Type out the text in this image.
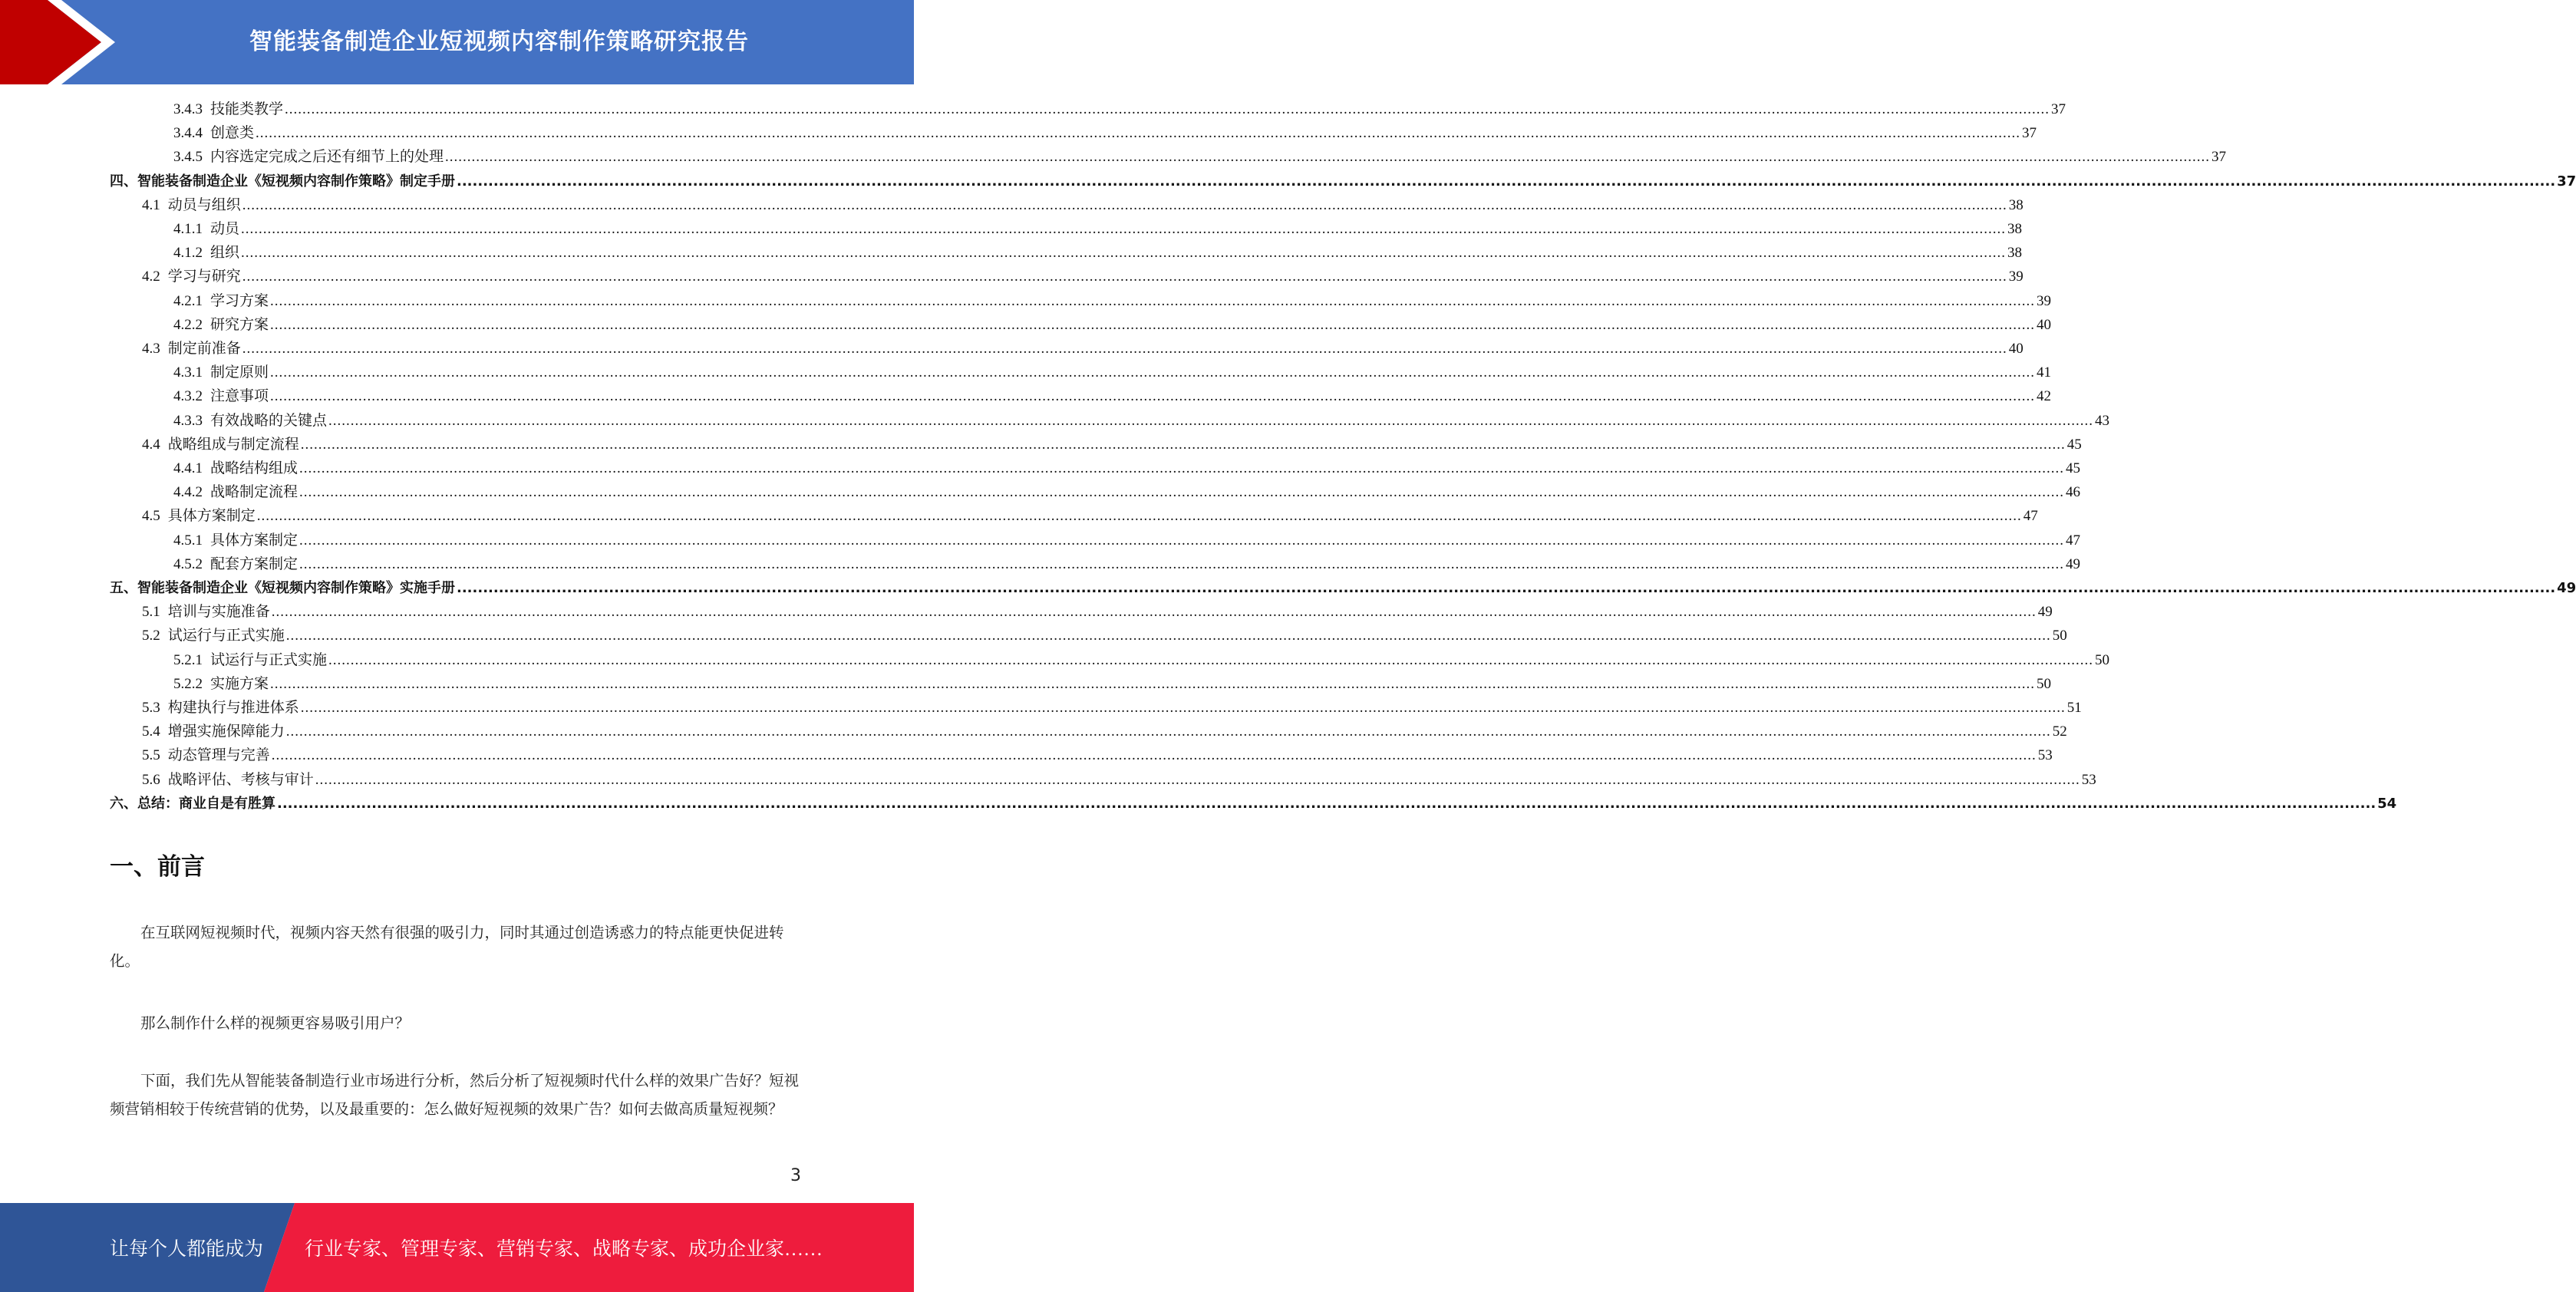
智能装备制造企业短视频内容制作策略研究报告
3.4.3 技能类教学 ................................................................................................................................................................................................................................................................................................................................................................................................................ 37
3.4.4 创意类 ................................................................................................................................................................................................................................................................................................................................................................................................................ 37
3.4.5 内容选定完成之后还有细节上的处理 ................................................................................................................................................................................................................................................................................................................................................................................................................ 37
四、 智能装备制造企业《短视频内容制作策略》制定手册 ................................................................................................................................................................................................................................................................................................................................................................................................................ 37
4.1 动员与组织 ................................................................................................................................................................................................................................................................................................................................................................................................................ 38
4.1.1 动员 ................................................................................................................................................................................................................................................................................................................................................................................................................ 38
4.1.2 组织 ................................................................................................................................................................................................................................................................................................................................................................................................................ 38
4.2 学习与研究 ................................................................................................................................................................................................................................................................................................................................................................................................................ 39
4.2.1 学习方案 ................................................................................................................................................................................................................................................................................................................................................................................................................ 39
4.2.2 研究方案 ................................................................................................................................................................................................................................................................................................................................................................................................................ 40
4.3 制定前准备 ................................................................................................................................................................................................................................................................................................................................................................................................................ 40
4.3.1 制定原则 ................................................................................................................................................................................................................................................................................................................................................................................................................ 41
4.3.2 注意事项 ................................................................................................................................................................................................................................................................................................................................................................................................................ 42
4.3.3 有效战略的关键点 ................................................................................................................................................................................................................................................................................................................................................................................................................ 43
4.4 战略组成与制定流程 ................................................................................................................................................................................................................................................................................................................................................................................................................ 45
4.4.1 战略结构组成 ................................................................................................................................................................................................................................................................................................................................................................................................................ 45
4.4.2 战略制定流程 ................................................................................................................................................................................................................................................................................................................................................................................................................ 46
4.5 具体方案制定 ................................................................................................................................................................................................................................................................................................................................................................................................................ 47
4.5.1 具体方案制定 ................................................................................................................................................................................................................................................................................................................................................................................................................ 47
4.5.2 配套方案制定 ................................................................................................................................................................................................................................................................................................................................................................................................................ 49
五、 智能装备制造企业《短视频内容制作策略》实施手册 ................................................................................................................................................................................................................................................................................................................................................................................................................ 49
5.1 培训与实施准备 ................................................................................................................................................................................................................................................................................................................................................................................................................ 49
5.2 试运行与正式实施 ................................................................................................................................................................................................................................................................................................................................................................................................................ 50
5.2.1 试运行与正式实施 ................................................................................................................................................................................................................................................................................................................................................................................................................ 50
5.2.2 实施方案 ................................................................................................................................................................................................................................................................................................................................................................................................................ 50
5.3 构建执行与推进体系 ................................................................................................................................................................................................................................................................................................................................................................................................................ 51
5.4 增强实施保障能力 ................................................................................................................................................................................................................................................................................................................................................................................................................ 52
5.5 动态管理与完善 ................................................................................................................................................................................................................................................................................................................................................................................................................ 53
5.6 战略评估、考核与审计 ................................................................................................................................................................................................................................................................................................................................................................................................................ 53
六、 总结：商业自是有胜算 ................................................................................................................................................................................................................................................................................................................................................................................................................ 54
一、前言
在互联网短视频时代，视频内容天然有很强的吸引力，同时其通过创造诱惑力的特点能更快促进转化。
那么制作什么样的视频更容易吸引用户？
下面，我们先从智能装备制造行业市场进行分析，然后分析了短视频时代什么样的效果广告好？短视频营销相较于传统营销的优势，以及最重要的：怎么做好短视频的效果广告？如何去做高质量短视频？
3
让每个人都能成为 行业专家、管理专家、营销专家、战略专家、成功企业家……
